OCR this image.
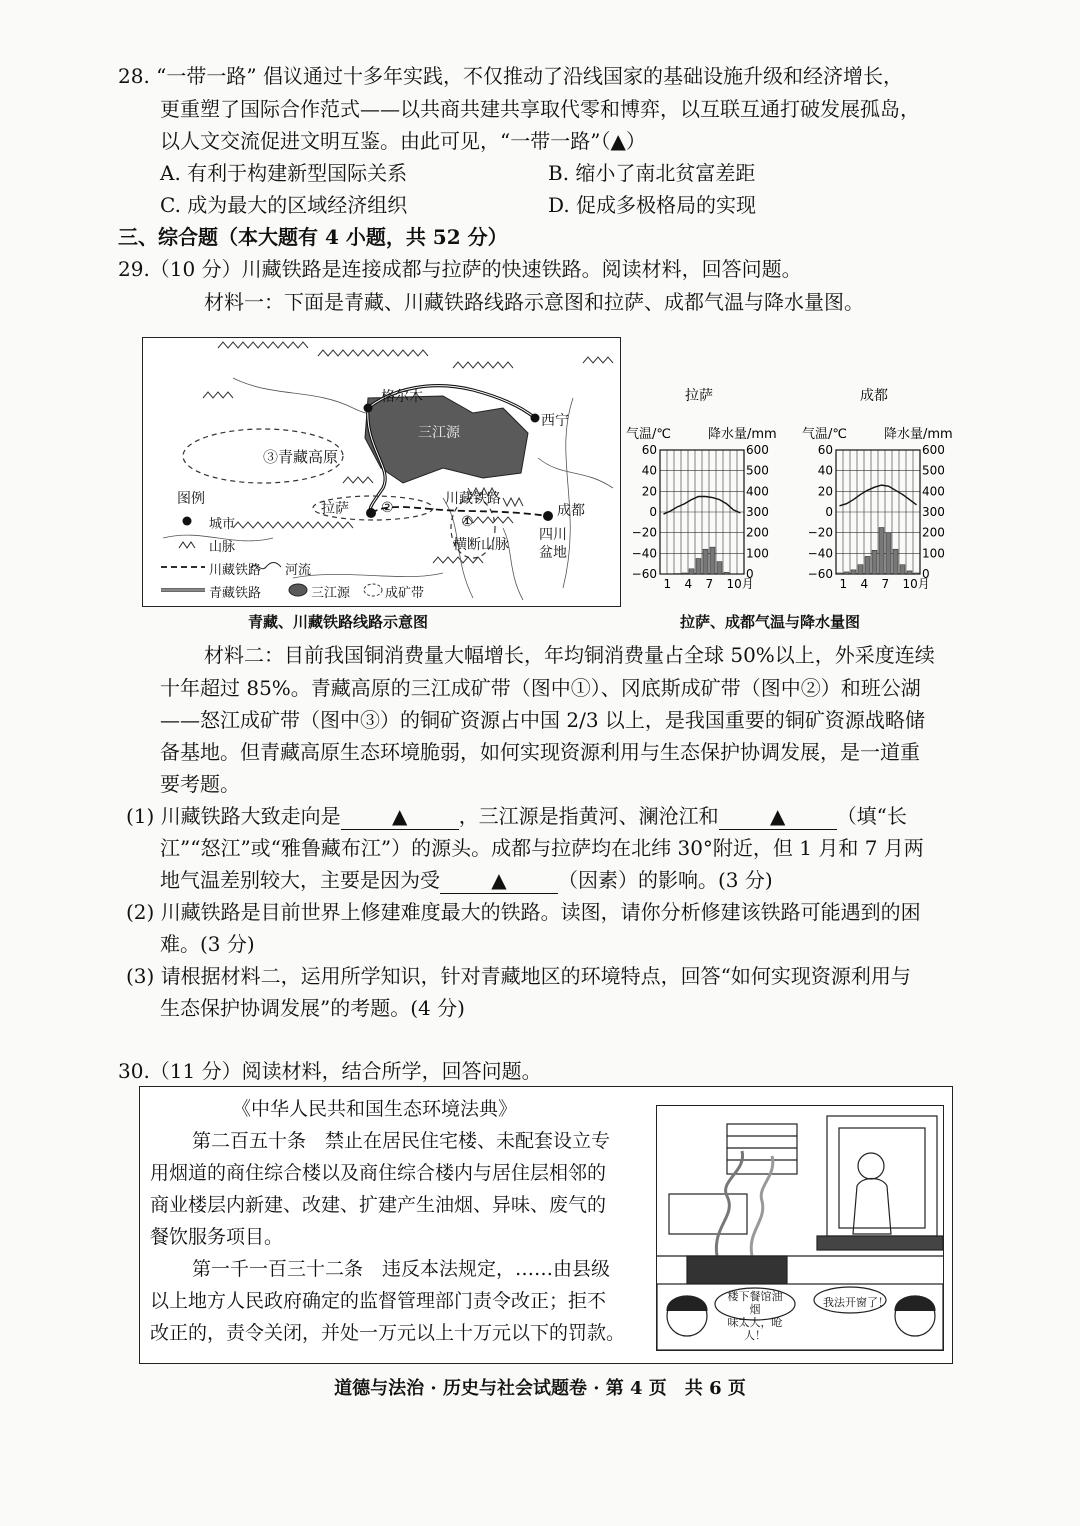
28. “一带一路” 倡议通过十多年实践，不仅推动了沿线国家的基础设施升级和经济增长，
更重塑了国际合作范式——以共商共建共享取代零和博弈，以互联互通打破发展孤岛，
以人文交流促进文明互鉴。由此可见，“一带一路”（▲）
A. 有利于构建新型国际关系	B. 缩小了南北贫富差距
C. 成为最大的区域经济组织	D. 促成多极格局的实现
三、综合题（本大题有 4 小题，共 52 分）
29.（10 分）川藏铁路是连接成都与拉萨的快速铁路。阅读材料，回答问题。
材料一：下面是青藏、川藏铁路线路示意图和拉萨、成都气温与降水量图。
格尔木
西宁
三江源
③青藏高原
拉萨 ②
川藏铁路
①
横断山脉
成都
四川
盆地
图例
城市
山脉
川藏铁路 河流
青藏铁路	三江源	成矿带
青藏、川藏铁路线路示意图
拉萨	成都
气温/℃	降水量/mm
60
40
20
0
−20
−40
−60
600
500
400
300
200
100
0
1 4 7 10月
气温/℃	降水量/mm
60
40
20
0
−20
−40
−60
600
500
400
300
200
100
0
1 4 7 10月
拉萨、成都气温与降水量图
材料二：目前我国铜消费量大幅增长，年均铜消费量占全球 50%以上，外采度连续
十年超过 85%。青藏高原的三江成矿带（图中①）、冈底斯成矿带（图中②）和班公湖
——怒江成矿带（图中③）的铜矿资源占中国 2/3 以上，是我国重要的铜矿资源战略储
备基地。但青藏高原生态环境脆弱，如何实现资源利用与生态保护协调发展，是一道重
要考题。
(1) 川藏铁路大致走向是	▲	，三江源是指黄河、澜沧江和	▲	（填“长
江”“怒江”或“雅鲁藏布江”）的源头。成都与拉萨均在北纬 30°附近，但 1 月和 7 月两
地气温差别较大，主要是因为受	▲	（因素）的影响。(3 分)
(2) 川藏铁路是目前世界上修建难度最大的铁路。读图，请你分析修建该铁路可能遇到的困
难。(3 分)
(3) 请根据材料二，运用所学知识，针对青藏地区的环境特点，回答“如何实现资源利用与
生态保护协调发展”的考题。(4 分)
30.（11 分）阅读材料，结合所学，回答问题。
《中华人民共和国生态环境法典》
第二百五十条　禁止在居民住宅楼、未配套设立专
用烟道的商住综合楼以及商住综合楼内与居住层相邻的
商业楼层内新建、改建、扩建产生油烟、异味、废气的
餐饮服务项目。
第一千一百三十二条　违反本法规定，……由县级
以上地方人民政府确定的监督管理部门责令改正；拒不
改正的，责令关闭，并处一万元以上十万元以下的罚款。
楼下餐馆油烟
味太大，呛人！
我法开窗了！
道德与法治 · 历史与社会试题卷 · 第 4 页　共 6 页
